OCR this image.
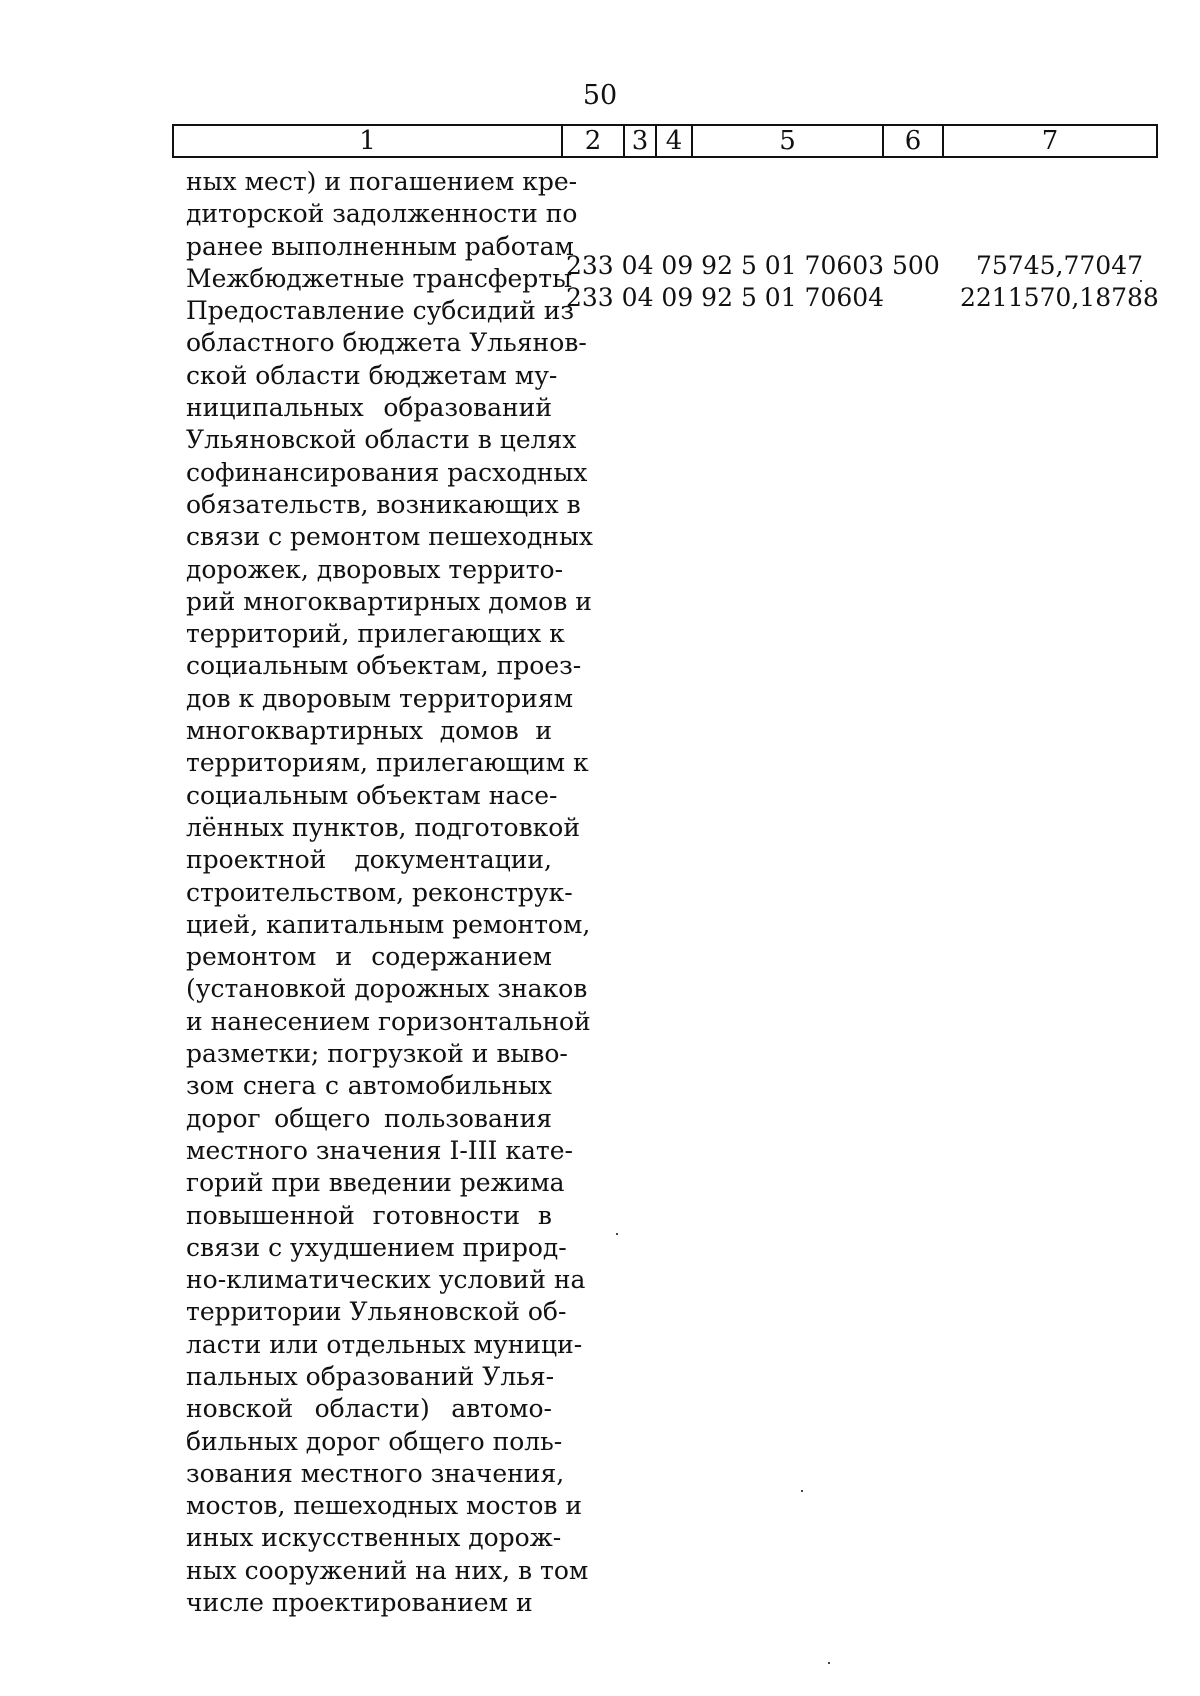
50
1	2	3 4	5	6	7
ных мест) и погашением кре-
диторской задолженности по
ранее выполненным работам
Межбюджетные трансферты
Предоставление субсидий из
областного бюджета Ульянов-
ской области бюджетам му-
ниципальных образований
Ульяновской области в целях
софинансирования расходных
обязательств, возникающих в
связи с ремонтом пешеходных
дорожек, дворовых террито-
рий многоквартирных домов и
территорий, прилегающих к
социальным объектам, проез-
дов к дворовым территориям
многоквартирных домов и
территориям, прилегающим к
социальным объектам насе-
лённых пунктов, подготовкой
проектной документации,
строительством, реконструк-
цией, капитальным ремонтом,
ремонтом и содержанием
(установкой дорожных знаков
и нанесением горизонтальной
разметки; погрузкой и выво-
зом снега с автомобильных
дорог общего пользования
местного значения I-III кате-
горий при введении режима
повышенной готовности в
связи с ухудшением природ-
но-климатических условий на
территории Ульяновской об-
ласти или отдельных муници-
пальных образований Улья-
новской области) автомо-
бильных дорог общего поль-
зования местного значения,
мостов, пешеходных мостов и
иных искусственных дорож-
ных сооружений на них, в том
числе проектированием и
233 04 09 92 5 01 70603 500 75745,77047
233 04 09 92 5 01 70604	2211570,18788
